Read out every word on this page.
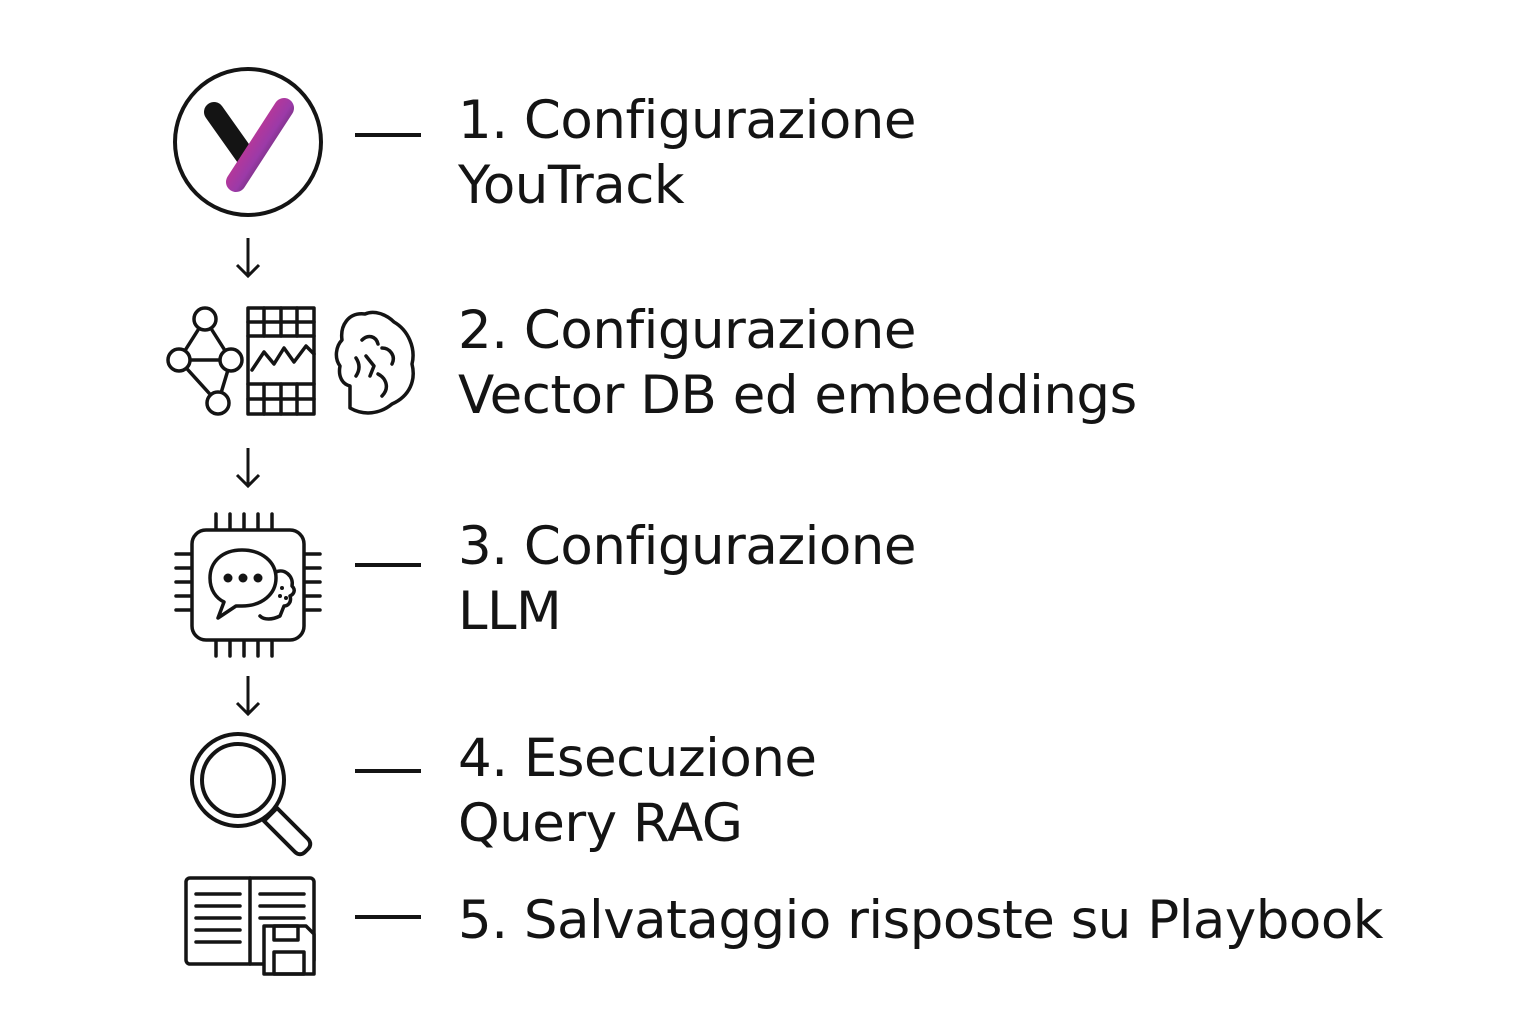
1. Configurazione
YouTrack
2. Configurazione
Vector DB ed embeddings
3. Configurazione
LLM
4. Esecuzione
Query RAG
5. Salvataggio risposte su Playbook
